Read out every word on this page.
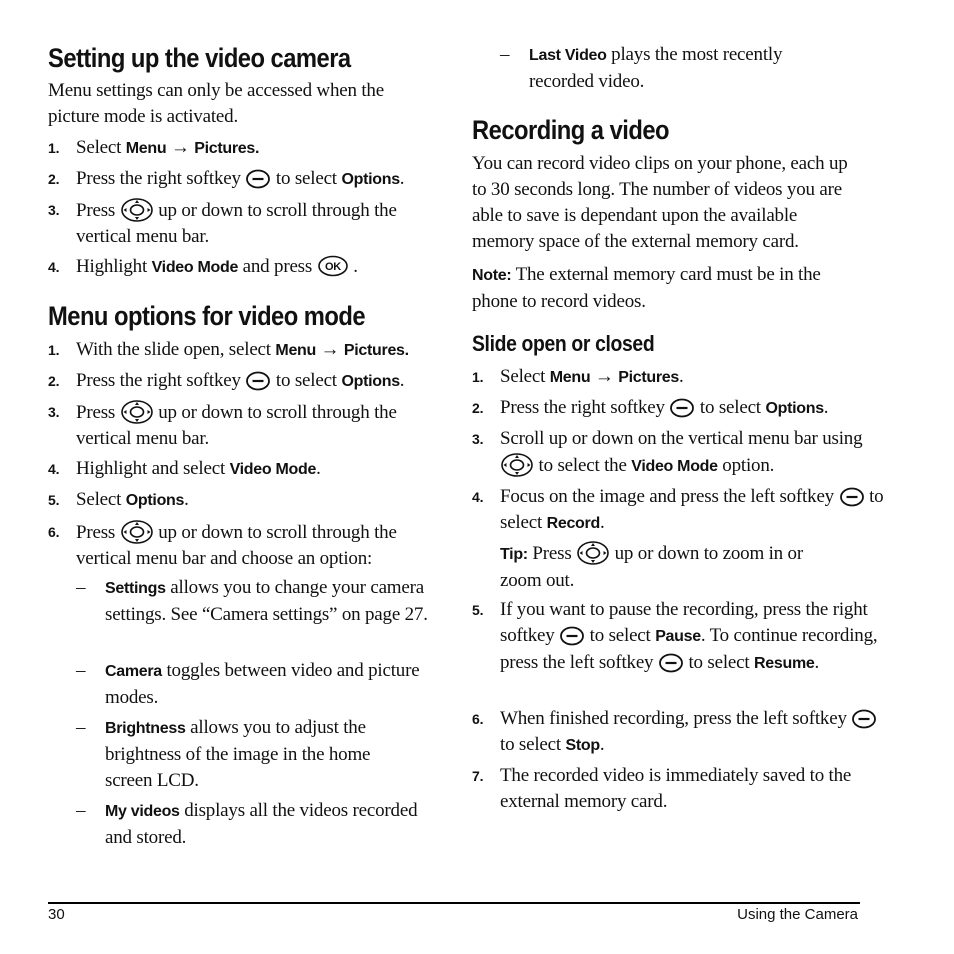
Setting up the video camera

Menu settings can only be accessed when the picture mode is activated.

1. Select Menu → Pictures.
2. Press the right softkey  to select Options.
3. Press  up or down to scroll through the vertical menu bar.
4. Highlight Video Mode and press OK .
Menu options for video mode
1. With the slide open, select Menu → Pictures.
2. Press the right softkey  to select Options.
3. Press  up or down to scroll through the vertical menu bar.
4. Highlight and select Video Mode.
5. Select Options.
6. Press  up or down to scroll through the vertical menu bar and choose an option:
– Settings allows you to change your camera settings. See “Camera settings” on page 27.
– Camera toggles between video and picture modes.
– Brightness allows you to adjust the brightness of the image in the home screen LCD.
– My videos displays all the videos recorded and stored.
– Last Video plays the most recently recorded video.
Recording a video

You can record video clips on your phone, each up to 30 seconds long. The number of videos you are able to save is dependant upon the available memory space of the external memory card.

Note: The external memory card must be in the phone to record videos.

Slide open or closed
1. Select Menu → Pictures.
2. Press the right softkey  to select Options.
3. Scroll up or down on the vertical menu bar using  to select the Video Mode option.
4. Focus on the image and press the left softkey  to select Record.
Tip: Press  up or down to zoom in or zoom out.
5. If you want to pause the recording, press the right softkey  to select Pause. To continue recording, press the left softkey  to select Resume.
6. When finished recording, press the left softkey  to select Stop.
7. The recorded video is immediately saved to the external memory card.
30	Using the Camera
